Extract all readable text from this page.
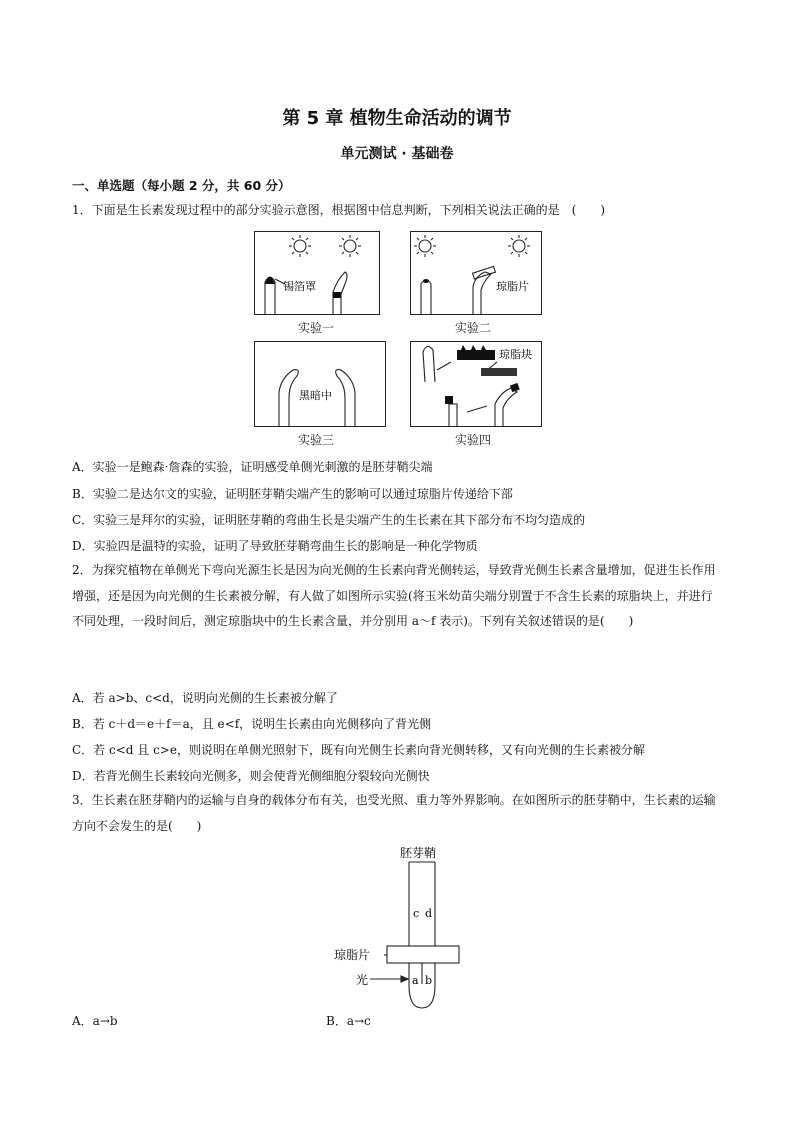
第 5 章 植物生命活动的调节
单元测试 · 基础卷
一、单选题（每小题 2 分，共 60 分）
1．下面是生长素发现过程中的部分实验示意图，根据图中信息判断，下列相关说法正确的是　(　　)
锡箔罩
实验一
琼脂片
实验二
黑暗中
实验三
琼脂块
实验四
A．实验一是鲍森·詹森的实验，证明感受单侧光刺激的是胚芽鞘尖端
B．实验二是达尔文的实验，证明胚芽鞘尖端产生的影响可以通过琼脂片传递给下部
C．实验三是拜尔的实验，证明胚芽鞘的弯曲生长是尖端产生的生长素在其下部分布不均匀造成的
D．实验四是温特的实验，证明了导致胚芽鞘弯曲生长的影响是一种化学物质
2．为探究植物在单侧光下弯向光源生长是因为向光侧的生长素向背光侧转运，导致背光侧生长素含量增加，促进生长作用增强，还是因为向光侧的生长素被分解，有人做了如图所示实验(将玉米幼苗尖端分别置于不含生长素的琼脂块上，并进行不同处理，一段时间后，测定琼脂块中的生长素含量，并分别用 a～f 表示)。下列有关叙述错误的是(　　)
A．若 a>b、c<d，说明向光侧的生长素被分解了
B．若 c＋d＝e＋f＝a，且 e<f，说明生长素由向光侧移向了背光侧
C．若 c<d 且 c>e，则说明在单侧光照射下，既有向光侧生长素向背光侧转移，又有向光侧的生长素被分解
D．若背光侧生长素较向光侧多，则会使背光侧细胞分裂较向光侧快
3．生长素在胚芽鞘内的运输与自身的载体分布有关，也受光照、重力等外界影响。在如图所示的胚芽鞘中，生长素的运输方向不会发生的是(　　)
胚芽鞘
c d
琼脂片
光	a b
A．a→b	B．a→c
